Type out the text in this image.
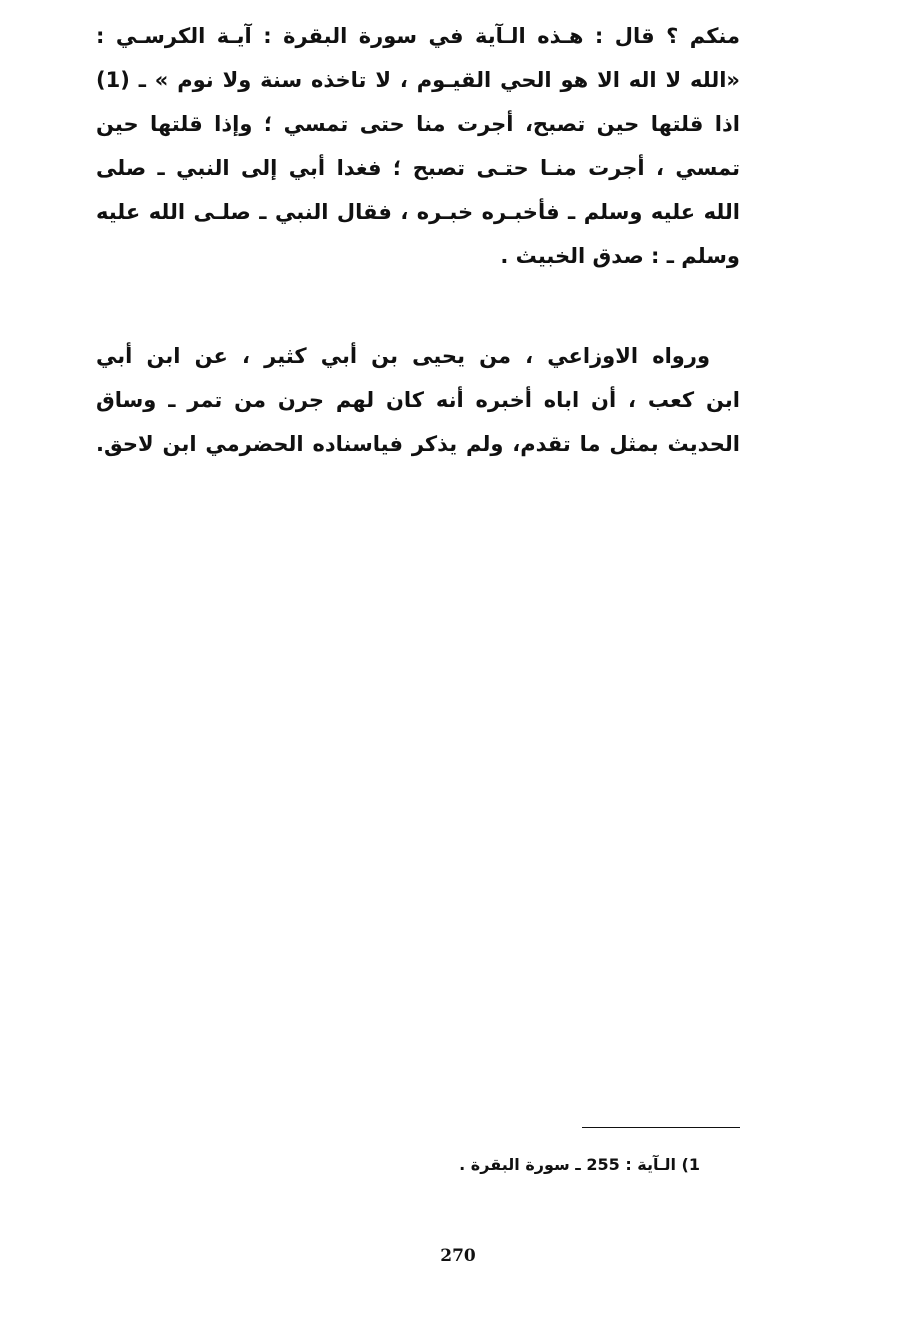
منكم ؟ قال : هـذه الـآية في سورة البقرة : آيـة الكرسـي :
«الله لا اله الا هو الحي القيـوم ، لا تاخذه سنة ولا نوم » ـ (1)
اذا قلتها حين تصبح، أجرت منا حتى تمسي ؛ وإذا قلتها حين
تمسي ، أجرت منـا حتـى تصبح ؛ فغدا أبي إلى النبي ـ صلى
الله عليه وسلم ـ فأخبـره خبـره ، فقال النبي ـ صلـى الله عليه
وسلم ـ : صدق الخبيث .
ورواه الاوزاعي ، من يحيى بن أبي كثير ، عن ابن أبي
ابن كعب ، أن اباه أخبره أنه كان لهم جرن من تمر ـ وساق
الحديث بمثل ما تقدم، ولم يذكر فياسناده الحضرمي ابن لاحق.
1) الـآية : 255 ـ سورة البقرة .
270
